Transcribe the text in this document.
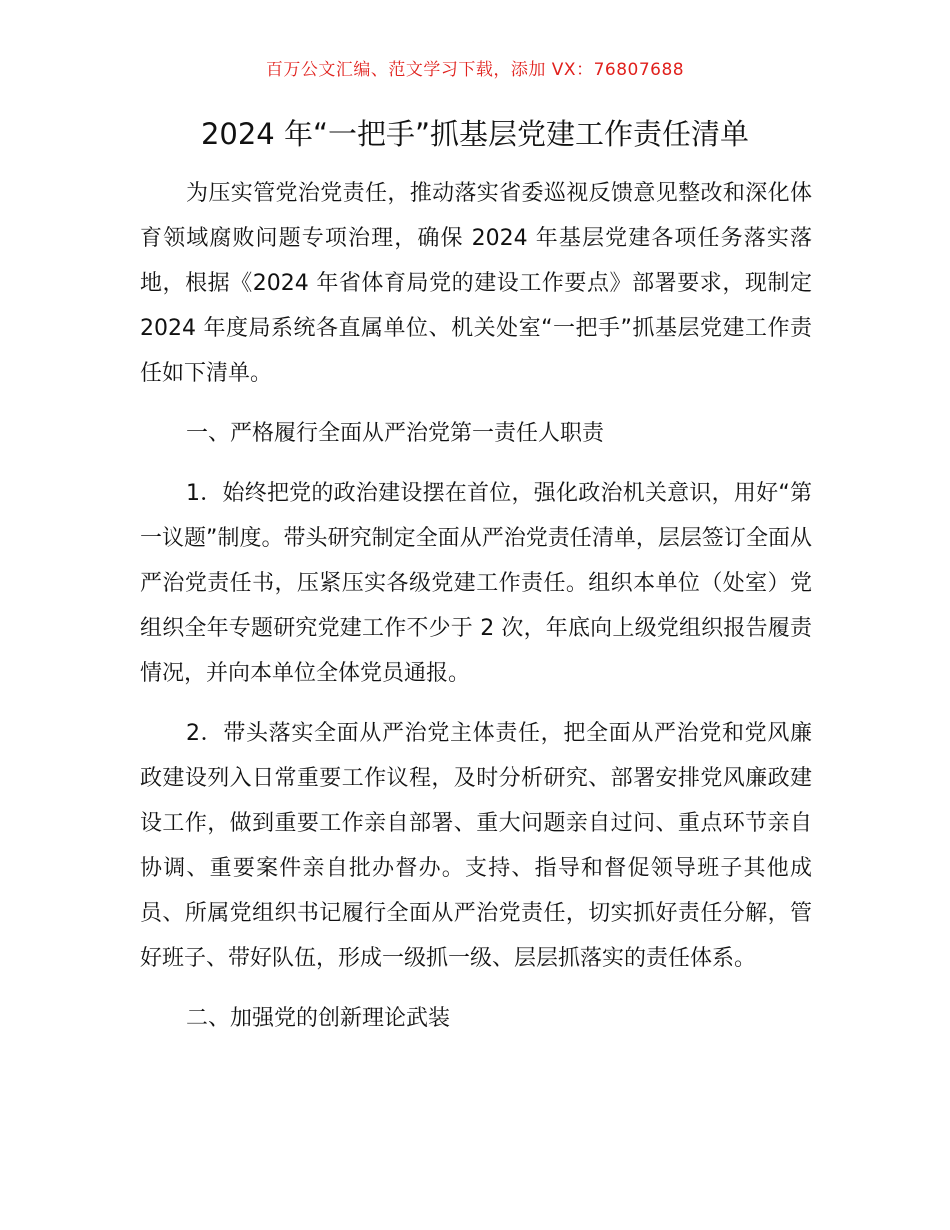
百万公文汇编、范文学习下载，添加 VX：76807688
2024 年“一把手”抓基层党建工作责任清单

为压实管党治党责任，推动落实省委巡视反馈意见整改和深化体育领域腐败问题专项治理，确保 2024 年基层党建各项任务落实落地，根据《2024 年省体育局党的建设工作要点》部署要求，现制定 2024 年度局系统各直属单位、机关处室“一把手”抓基层党建工作责任如下清单。

一、严格履行全面从严治党第一责任人职责

1．始终把党的政治建设摆在首位，强化政治机关意识，用好“第一议题”制度。带头研究制定全面从严治党责任清单，层层签订全面从严治党责任书，压紧压实各级党建工作责任。组织本单位（处室）党组织全年专题研究党建工作不少于 2 次，年底向上级党组织报告履责情况，并向本单位全体党员通报。

2．带头落实全面从严治党主体责任，把全面从严治党和党风廉政建设列入日常重要工作议程，及时分析研究、部署安排党风廉政建设工作，做到重要工作亲自部署、重大问题亲自过问、重点环节亲自协调、重要案件亲自批办督办。支持、指导和督促领导班子其他成员、所属党组织书记履行全面从严治党责任，切实抓好责任分解，管好班子、带好队伍，形成一级抓一级、层层抓落实的责任体系。

二、加强党的创新理论武装
